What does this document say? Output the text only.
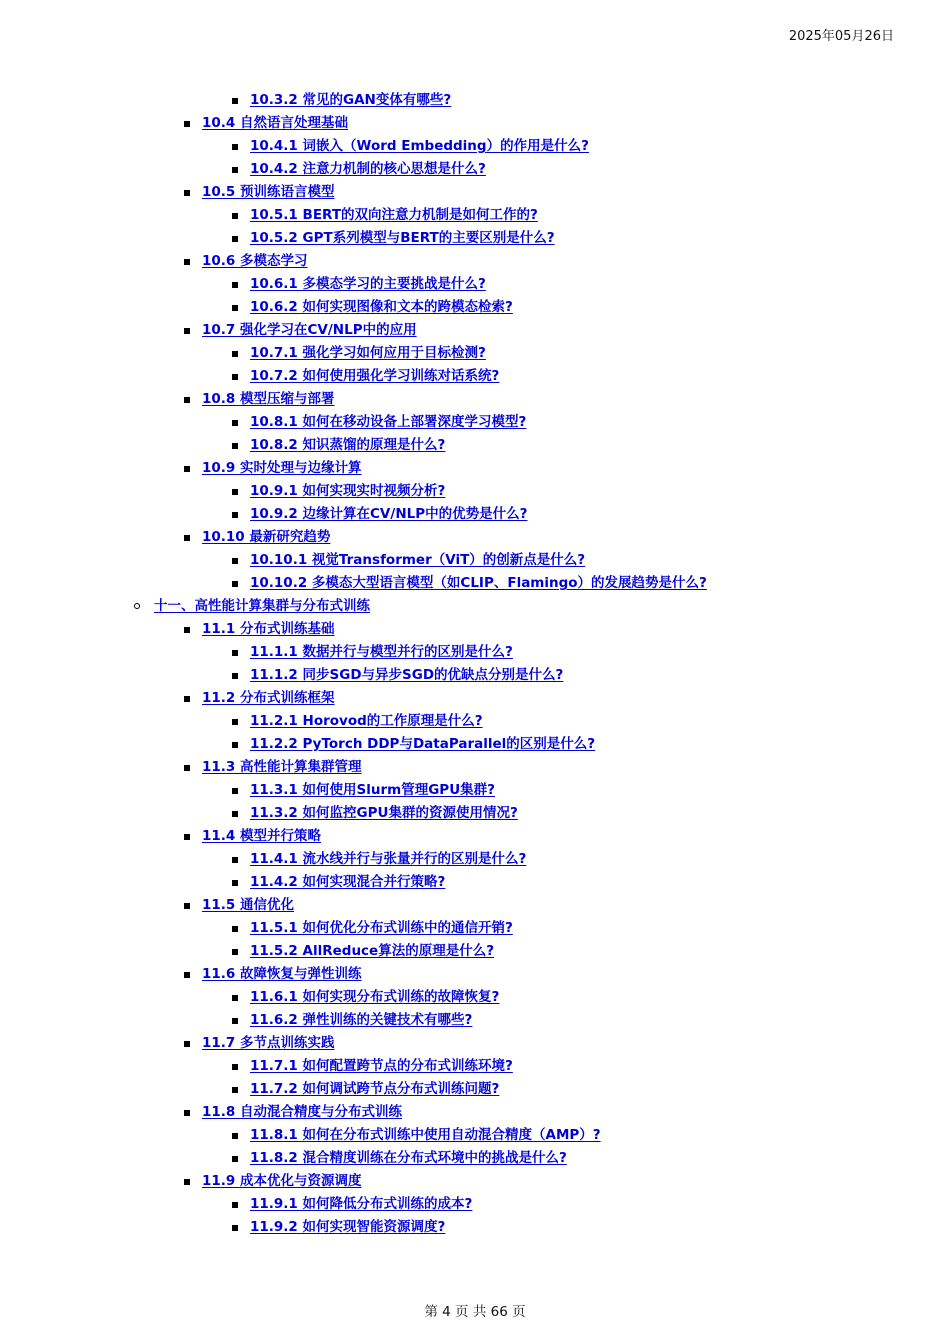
2025年05月26日
10.3.2 常见的GAN变体有哪些?
10.4 自然语言处理基础
10.4.1 词嵌入（Word Embedding）的作用是什么?
10.4.2 注意力机制的核心思想是什么?
10.5 预训练语言模型
10.5.1 BERT的双向注意力机制是如何工作的?
10.5.2 GPT系列模型与BERT的主要区别是什么?
10.6 多模态学习
10.6.1 多模态学习的主要挑战是什么?
10.6.2 如何实现图像和文本的跨模态检索?
10.7 强化学习在CV/NLP中的应用
10.7.1 强化学习如何应用于目标检测?
10.7.2 如何使用强化学习训练对话系统?
10.8 模型压缩与部署
10.8.1 如何在移动设备上部署深度学习模型?
10.8.2 知识蒸馏的原理是什么?
10.9 实时处理与边缘计算
10.9.1 如何实现实时视频分析?
10.9.2 边缘计算在CV/NLP中的优势是什么?
10.10 最新研究趋势
10.10.1 视觉Transformer（ViT）的创新点是什么?
10.10.2 多模态大型语言模型（如CLIP、Flamingo）的发展趋势是什么?
十一、高性能计算集群与分布式训练
11.1 分布式训练基础
11.1.1 数据并行与模型并行的区别是什么?
11.1.2 同步SGD与异步SGD的优缺点分别是什么?
11.2 分布式训练框架
11.2.1 Horovod的工作原理是什么?
11.2.2 PyTorch DDP与DataParallel的区别是什么?
11.3 高性能计算集群管理
11.3.1 如何使用Slurm管理GPU集群?
11.3.2 如何监控GPU集群的资源使用情况?
11.4 模型并行策略
11.4.1 流水线并行与张量并行的区别是什么?
11.4.2 如何实现混合并行策略?
11.5 通信优化
11.5.1 如何优化分布式训练中的通信开销?
11.5.2 AllReduce算法的原理是什么?
11.6 故障恢复与弹性训练
11.6.1 如何实现分布式训练的故障恢复?
11.6.2 弹性训练的关键技术有哪些?
11.7 多节点训练实践
11.7.1 如何配置跨节点的分布式训练环境?
11.7.2 如何调试跨节点分布式训练问题?
11.8 自动混合精度与分布式训练
11.8.1 如何在分布式训练中使用自动混合精度（AMP）?
11.8.2 混合精度训练在分布式环境中的挑战是什么?
11.9 成本优化与资源调度
11.9.1 如何降低分布式训练的成本?
11.9.2 如何实现智能资源调度?
第 4 页 共 66 页
